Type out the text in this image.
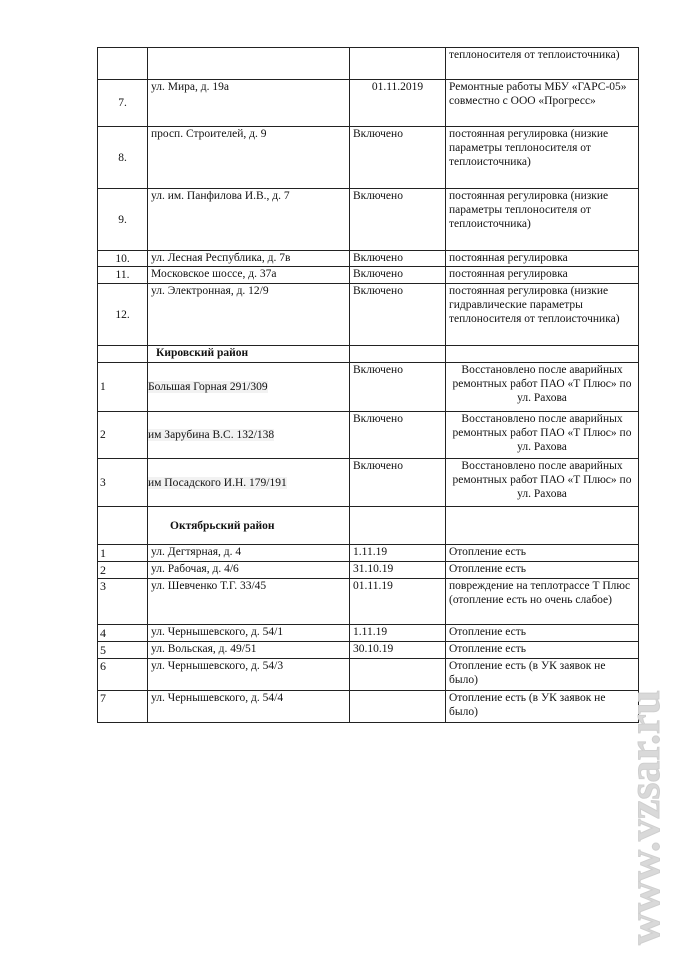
			теплоносителя от теплоисточника)
7.	ул. Мира, д. 19а	01.11.2019	Ремонтные работы МБУ «ГАРС-05» совместно с ООО «Прогресс»
8.	просп. Строителей, д. 9	Включено	постоянная регулировка (низкие параметры теплоносителя от теплоисточника)
9.	ул. им. Панфилова И.В., д. 7	Включено	постоянная регулировка (низкие параметры теплоносителя от теплоисточника)
10.	ул. Лесная Республика, д. 7в	Включено	постоянная регулировка
11.	Московское шоссе, д. 37а	Включено	постоянная регулировка
12.	ул. Электронная, д. 12/9	Включено	постоянная регулировка (низкие гидравлические параметры теплоносителя от теплоисточника)
	Кировский район		
1	Большая Горная 291/309	Включено	Восстановлено после аварийных ремонтных работ ПАО «Т Плюс» по ул. Рахова
2	им Зарубина В.С. 132/138	Включено	Восстановлено после аварийных ремонтных работ ПАО «Т Плюс» по ул. Рахова
3	им Посадского И.Н. 179/191	Включено	Восстановлено после аварийных ремонтных работ ПАО «Т Плюс» по ул. Рахова
	Октябрьский район		
1	ул. Дегтярная, д. 4	1.11.19	Отопление есть
2	ул. Рабочая, д. 4/6	31.10.19	Отопление есть
3	ул. Шевченко Т.Г. 33/45	01.11.19	повреждение на теплотрассе Т Плюс (отопление есть но очень слабое)
4	ул. Чернышевского, д. 54/1	1.11.19	Отопление есть
5	ул. Вольская, д. 49/51	30.10.19	Отопление есть
6	ул. Чернышевского, д. 54/3		Отопление есть (в УК заявок не было)
7	ул. Чернышевского, д. 54/4		Отопление есть (в УК заявок не было)	www.vzsar.ru
